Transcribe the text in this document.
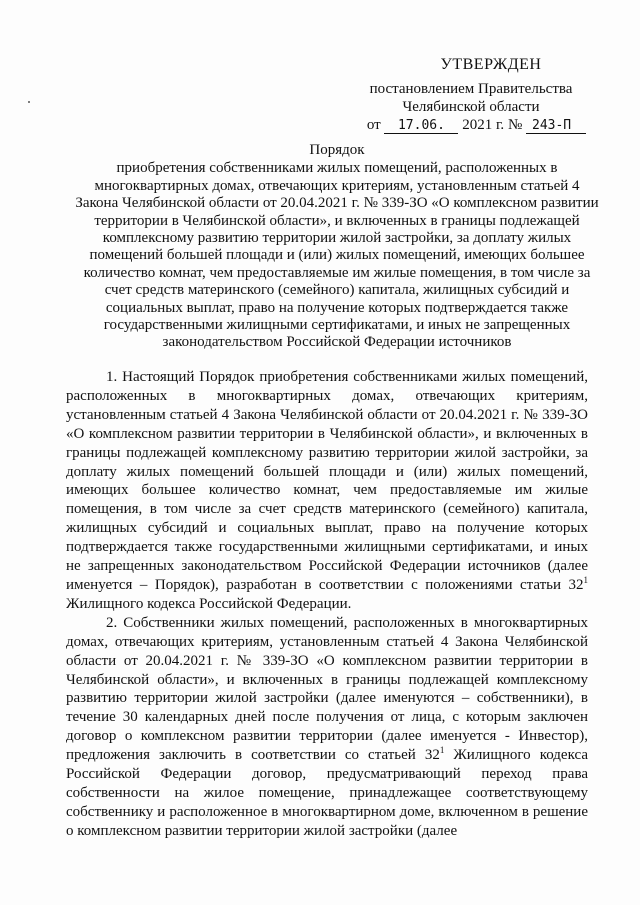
УТВЕРЖДЕН
постановлением Правительства
Челябинской области
от 17.06. 2021 г. № 243-П
Порядок
приобретения собственниками жилых помещений, расположенных в многоквартирных домах, отвечающих критериям, установленным статьей 4 Закона Челябинской области от 20.04.2021 г. № 339-ЗО «О комплексном развитии территории в Челябинской области», и включенных в границы подлежащей комплексному развитию территории жилой застройки, за доплату жилых помещений большей площади и (или) жилых помещений, имеющих большее количество комнат, чем предоставляемые им жилые помещения, в том числе за счет средств материнского (семейного) капитала, жилищных субсидий и социальных выплат, право на получение которых подтверждается также государственными жилищными сертификатами, и иных не запрещенных законодательством Российской Федерации источников

1. Настоящий Порядок приобретения собственниками жилых помещений, расположенных в многоквартирных домах, отвечающих критериям, установленным статьей 4 Закона Челябинской области от 20.04.2021 г. № 339-ЗО «О комплексном развитии территории в Челябинской области», и включенных в границы подлежащей комплексному развитию территории жилой застройки, за доплату жилых помещений большей площади и (или) жилых помещений, имеющих большее количество комнат, чем предоставляемые им жилые помещения, в том числе за счет средств материнского (семейного) капитала, жилищных субсидий и социальных выплат, право на получение которых подтверждается также государственными жилищными сертификатами, и иных не запрещенных законодательством Российской Федерации источников (далее именуется – Порядок), разработан в соответствии с положениями статьи $32^1$ Жилищного кодекса Российской Федерации.

2. Собственники жилых помещений, расположенных в многоквартирных домах, отвечающих критериям, установленным статьей 4 Закона Челябинской области от 20.04.2021 г. № 339-ЗО «О комплексном развитии территории в Челябинской области», и включенных в границы подлежащей комплексному развитию территории жилой застройки (далее именуются – собственники), в течение 30 календарных дней после получения от лица, с которым заключен договор о комплексном развитии территории (далее именуется - Инвестор), предложения заключить в соответствии со статьей $32^1$ Жилищного кодекса Российской Федерации договор, предусматривающий переход права собственности на жилое помещение, принадлежащее соответствующему собственнику и расположенное в многоквартирном доме, включенном в решение о комплексном развитии территории жилой застройки (далее
